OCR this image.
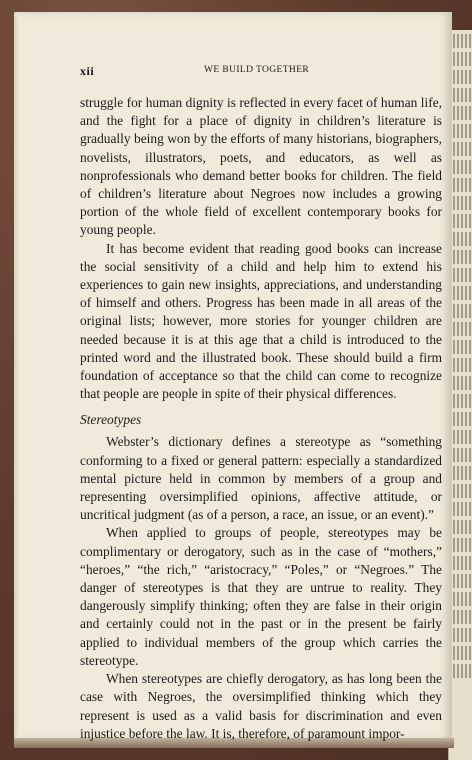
xii	WE BUILD TOGETHER

struggle for human dignity is reflected in every facet of human life, and the fight for a place of dignity in children’s literature is gradually being won by the efforts of many historians, biographers, novelists, illustrators, poets, and educators, as well as nonprofessionals who demand better books for children. The field of children’s literature about Negroes now includes a growing portion of the whole field of excellent contemporary books for young people.

It has become evident that reading good books can increase the social sensitivity of a child and help him to extend his experiences to gain new insights, appreciations, and understanding of himself and others. Progress has been made in all areas of the original lists; however, more stories for younger children are needed because it is at this age that a child is introduced to the printed word and the illustrated book. These should build a firm foundation of acceptance so that the child can come to recognize that people are people in spite of their physical differences.

Stereotypes

Webster’s dictionary defines a stereotype as “something conforming to a fixed or general pattern: especially a standardized mental picture held in common by members of a group and representing oversimplified opinions, affective attitude, or uncritical judgment (as of a person, a race, an issue, or an event).”

When applied to groups of people, stereotypes may be complimentary or derogatory, such as in the case of “mothers,” “heroes,” “the rich,” “aristocracy,” “Poles,” or “Negroes.” The danger of stereotypes is that they are untrue to reality. They dangerously simplify thinking; often they are false in their origin and certainly could not in the past or in the present be fairly applied to individual members of the group which carries the stereotype.

When stereotypes are chiefly derogatory, as has long been the case with Negroes, the oversimplified thinking which they represent is used as a valid basis for discrimination and even injustice before the law. It is, therefore, of paramount impor-
